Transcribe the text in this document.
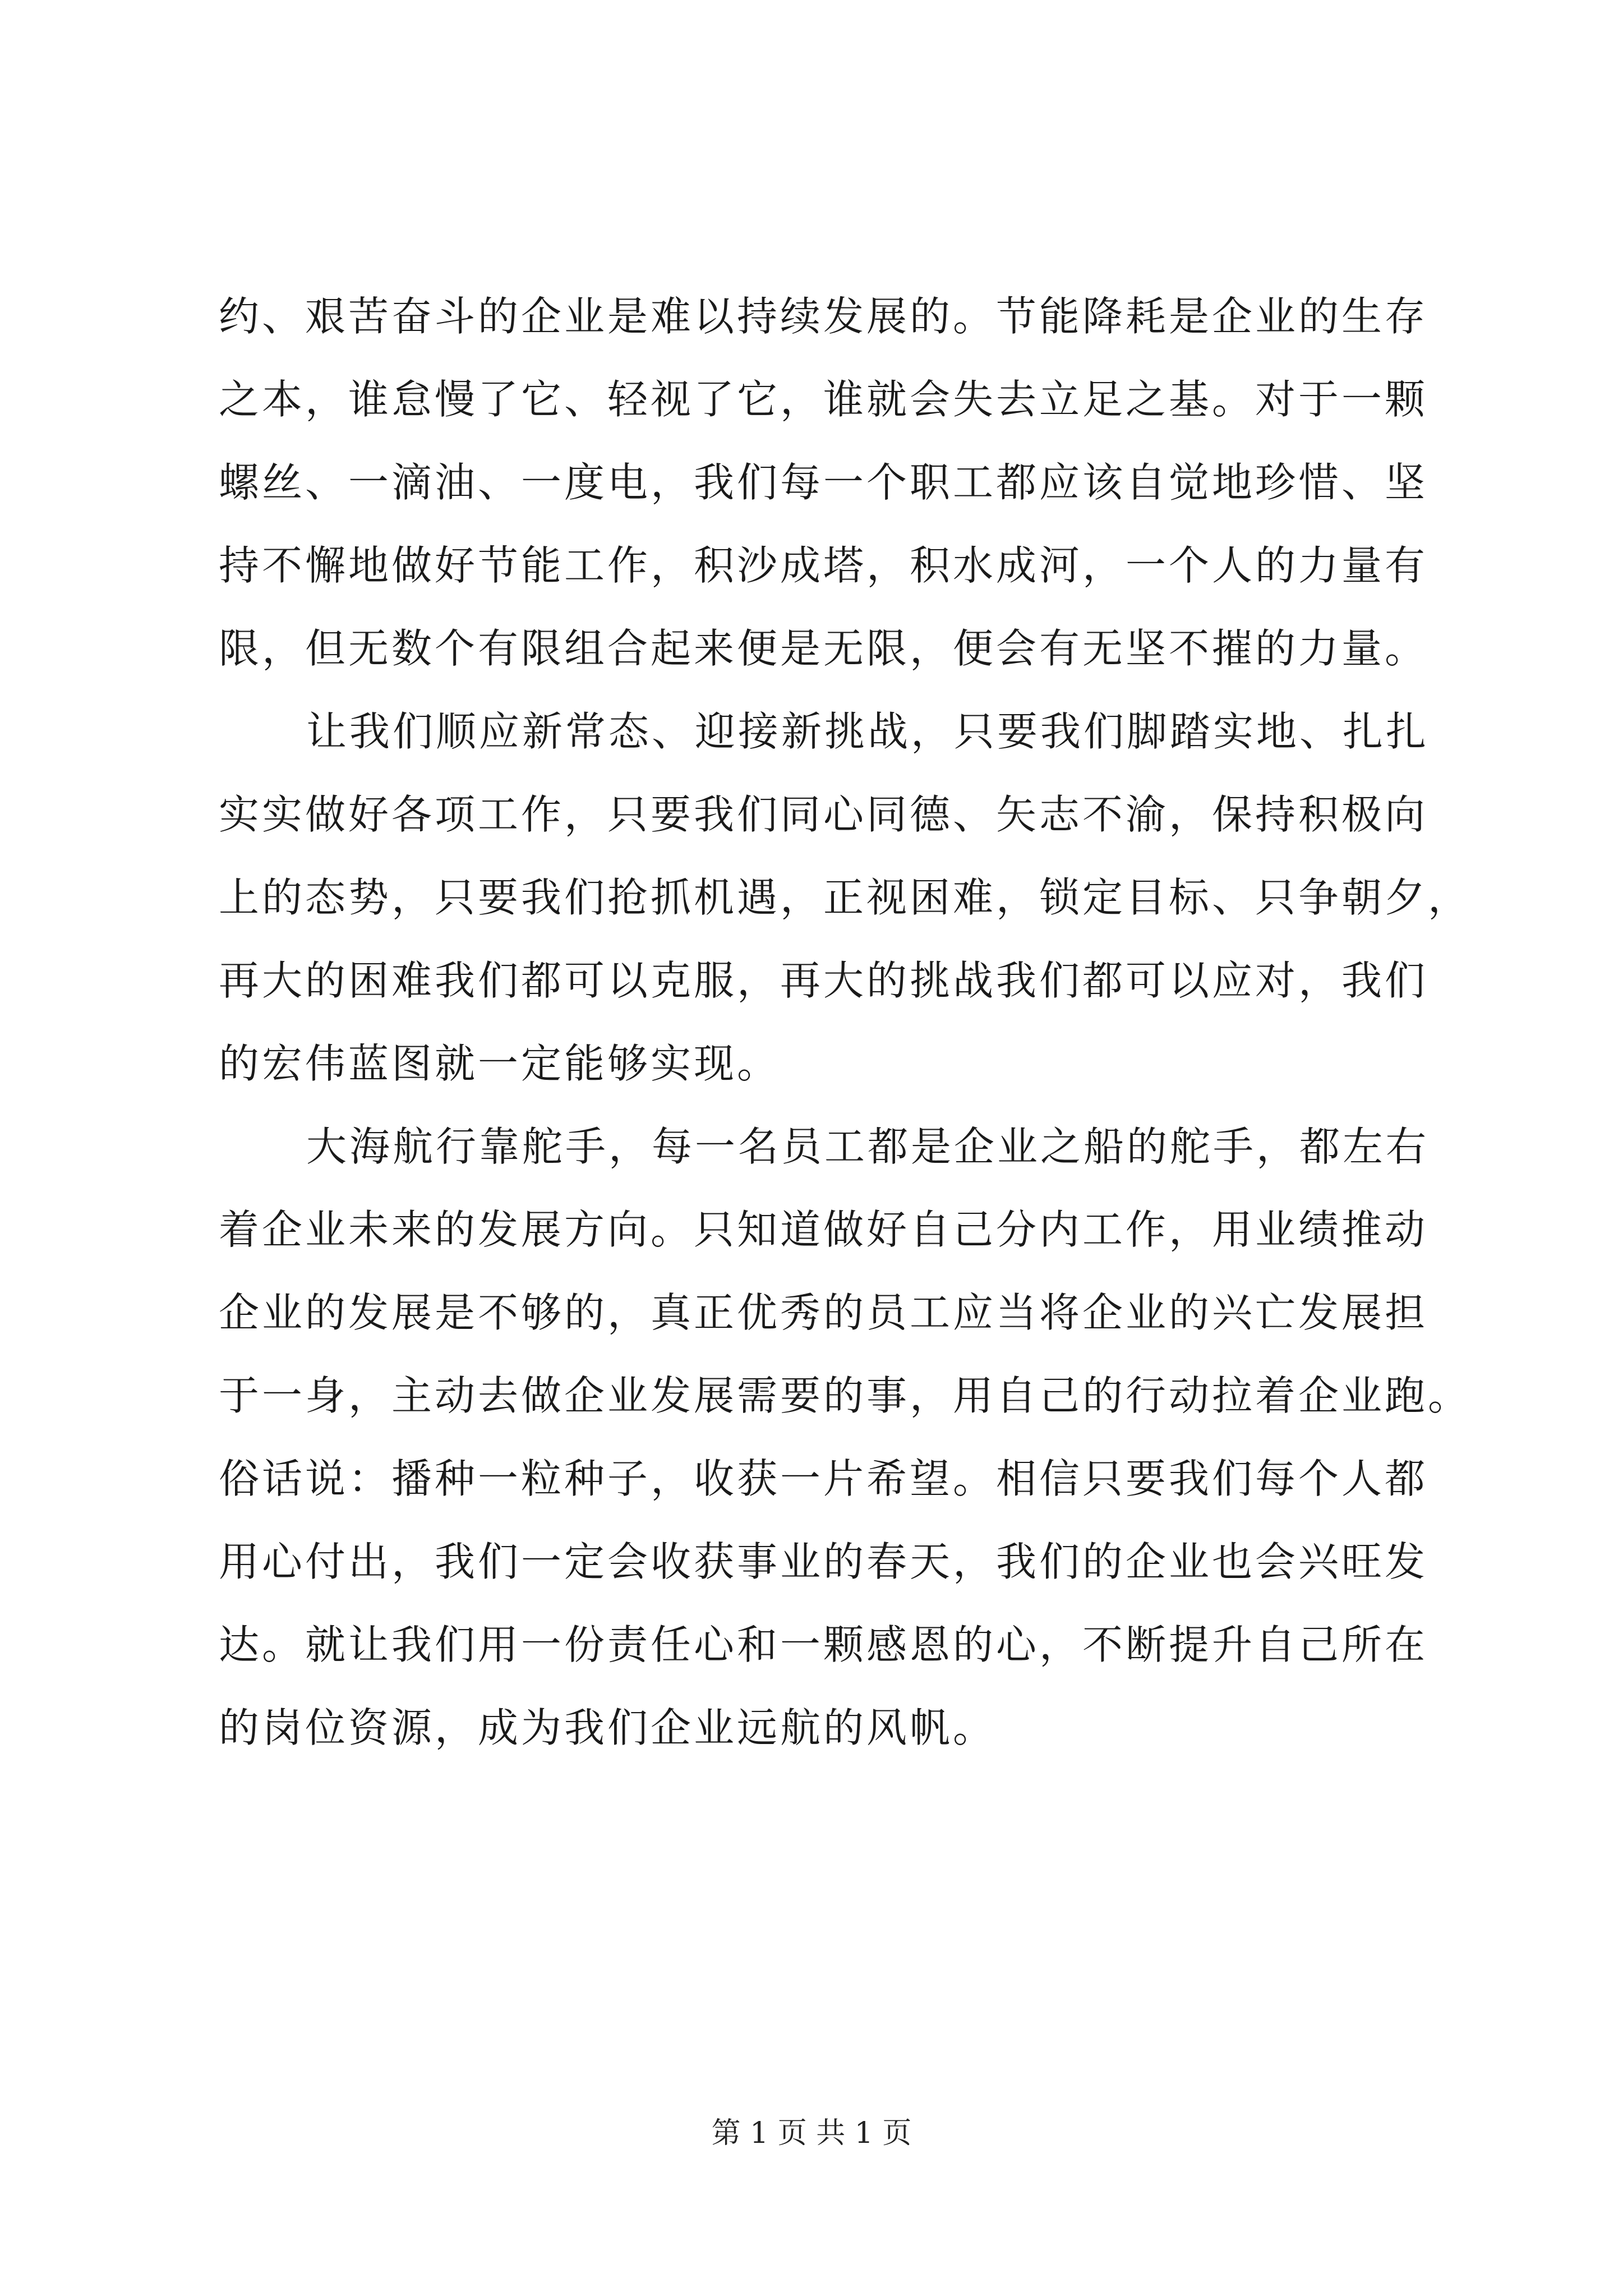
约、艰苦奋斗的企业是难以持续发展的。节能降耗是企业的生存
之本，谁怠慢了它、轻视了它，谁就会失去立足之基。对于一颗
螺丝、一滴油、一度电，我们每一个职工都应该自觉地珍惜、坚
持不懈地做好节能工作，积沙成塔，积水成河，一个人的力量有
限，但无数个有限组合起来便是无限，便会有无坚不摧的力量。
让我们顺应新常态、迎接新挑战，只要我们脚踏实地、扎扎
实实做好各项工作，只要我们同心同德、矢志不渝，保持积极向
上的态势，只要我们抢抓机遇，正视困难，锁定目标、只争朝夕，
再大的困难我们都可以克服，再大的挑战我们都可以应对，我们
的宏伟蓝图就一定能够实现。
大海航行靠舵手，每一名员工都是企业之船的舵手，都左右
着企业未来的发展方向。只知道做好自己分内工作，用业绩推动
企业的发展是不够的，真正优秀的员工应当将企业的兴亡发展担
于一身，主动去做企业发展需要的事，用自己的行动拉着企业跑。
俗话说：播种一粒种子，收获一片希望。相信只要我们每个人都
用心付出，我们一定会收获事业的春天，我们的企业也会兴旺发
达。就让我们用一份责任心和一颗感恩的心，不断提升自己所在
的岗位资源，成为我们企业远航的风帆。
第 1 页 共 1 页
